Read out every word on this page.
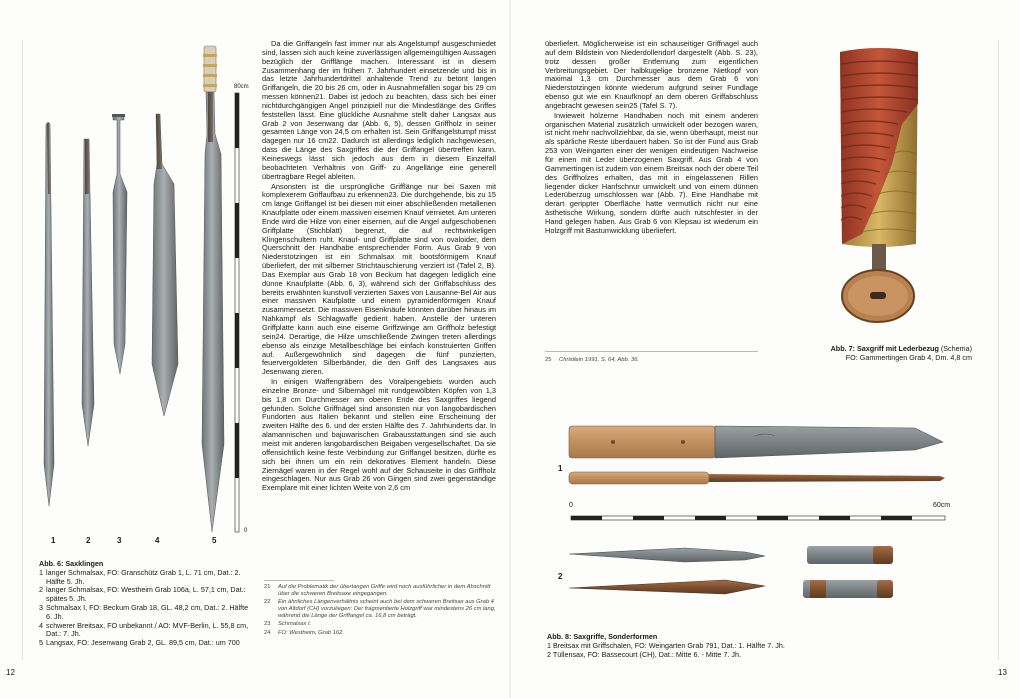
80cm
0
1	2	3	4	5
Abb. 6: Saxklingen
1 langer Schmalsax, FO: Granschütz Grab 1, L. 71 cm, Dat.: 2. Hälfte 5. Jh.
2 langer Schmalsax, FO: Westheim Grab 106a, L. 57,1 cm, Dat.: spätes 5. Jh.
3 Schmalsax I, FO: Beckum Grab 18, GL. 48,2 cm, Dat.: 2. Hälfte 6. Jh.
4 schwerer Breitsax, FO unbekannt / AO: MVF-Berlin, L. 55,8 cm, Dat.: 7. Jh.
5 Langsax, FO: Jesenwang Grab 2, GL. 89,5 cm, Dat.: um 700

Da die Griffangeln fast immer nur als Angelstumpf ausgeschmiedet sind, lassen sich auch keine zuverlässigen allgemeingültigen Aussagen bezüglich der Grifflänge machen. Interessant ist in diesem Zusammenhang der im frühen 7. Jahrhundert einsetzende und bis in das letzte Jahrhundertdrittel anhaltende Trend zu betont langen Griffangeln, die 20 bis 26 cm, oder in Ausnahmefällen sogar bis 29 cm messen können21. Dabei ist jedoch zu beachten, dass sich bei einer nichtdurchgängigen Angel prinzipiell nur die Mindestlänge des Griffes feststellen lässt. Eine glückliche Ausnahme stellt daher Langsax aus Grab 2 von Jesenwang dar (Abb. 6, 5), dessen Griffholz in seiner gesamten Länge von 24,5 cm erhalten ist. Sein Griffangelstumpf misst dagegen nur 16 cm22. Dadurch ist allerdings lediglich nachgewiesen, dass die Länge des Saxgriffes die der Griffangel übertreffen kann. Keineswegs lässt sich jedoch aus dem in diesem Einzelfall beobachteten Verhältnis von Griff- zu Angellänge eine generell übertragbare Regel ableiten.

Ansonsten ist die ursprüngliche Grifflänge nur bei Saxen mit komplexerem Griffaufbau zu erkennen23. Die durchgehende, bis zu 15 cm lange Griffangel ist bei diesen mit einer abschließenden metallenen Knaufplatte oder einem massiven eisernen Knauf vernietet. Am unteren Ende wird die Hilze von einer eisernen, auf die Angel aufgeschobenen Griffplatte (Stichblatt) begrenzt, die auf rechtwinkeligen Klingenschultern ruht. Knauf- und Griffplatte sind von ovaloider, dem Querschnitt der Handhabe entsprechender Form. Aus Grab 9 von Niederstotzingen ist ein Schmalsax mit bootsförmigem Knauf überliefert, der mit silberner Strichtauschierung verziert ist (Tafel 2, B). Das Exemplar aus Grab 18 von Beckum hat dagegen lediglich eine dünne Knaufplatte (Abb. 6, 3), während sich der Griffabschluss des bereits erwähnten kunstvoll verzierten Saxes von Lausanne-Bel Air aus einer massiven Kaufplatte und einem pyramidenförmigen Knauf zusammensetzt. Die massiven Eisenknäufe könnten darüber hinaus im Nahkampf als Schlagwaffe gedient haben. Anstelle der unteren Griffplatte kann auch eine eiserne Griffzwinge am Griffholz befestigt sein24. Derartige, die Hilze umschließende Zwingen treten allerdings ebenso als einzige Metallbeschläge bei einfach konstruierten Griffen auf. Außergewöhnlich sind dagegen die fünf punzierten, feuervergoldeten Silberbänder, die den Griff des Langsaxes aus Jesenwang zieren.

In einigen Waffengräbern des Voralpengebiets wurden auch einzelne Bronze- und Silbernägel mit rundgewölbten Köpfen von 1,3 bis 1,8 cm Durchmesser am oberen Ende des Saxgriffes liegend gefunden. Solche Griffnägel sind ansonsten nur von langobardischen Fundorten aus Italien bekannt und stellen eine Erscheinung der zweiten Hälfte des 6. und der ersten Hälfte des 7. Jahrhunderts dar. In alamannischen und bajuwarischen Grabausstattungen sind sie auch meist mit anderen langobardischen Beigaben vergesellschaftet. Da sie offensichtlich keine feste Verbindung zur Griffangel besitzen, dürfte es sich bei ihnen um ein rein dekoratives Element handeln. Diese Ziernägel waren in der Regel wohl auf der Schauseite in das Griffholz eingeschlagen. Nur aus Grab 26 von Gingen sind zwei gegenständige Exemplare mit einer lichten Weite von 2,6 cm

21	Auf die Problematik der übertangen Griffe wird noch ausführlicher in dem Abschnitt über die schweren Breitsaxe eingegangen.
22	Ein ähnliches Längenverhältnis scheint auch bei dem schweren Breitsax aus Grab 4 von Altdorf (CH) vorzuliegen: Der fragmentierte Holzgriff war mindestens 26 cm lang, während die Länge der Griffangel ca. 16,8 cm beträgt.
23	Schmalsax I.
24	FO: Westheim, Grab 162.

überliefert. Möglicherweise ist ein schauseitiger Griffnagel auch auf dem Bildstein von Niederdollendorf dargestellt (Abb. S. 23), trotz dessen großer Entfernung zum eigentlichen Verbreitungsgebiet. Der halbkugelige bronzene Nietkopf von maximal 1,3 cm Durchmesser aus dem Grab 6 von Niederstotzingen könnte wiederum aufgrund seiner Fundlage ebenso gut wie ein Knaufknopf an dem oberen Griffabschluss angebracht gewesen sein25 (Tafel S. 7).

Inwieweit hölzerne Handhaben noch mit einem anderen organischen Material zusätzlich umwickelt oder bezogen waren, ist nicht mehr nachvollziehbar, da sie, wenn überhaupt, meist nur als spärliche Reste überdauert haben. So ist der Fund aus Grab 253 von Weingarten einer der wenigen eindeutigen Nachweise für einen mit Leder überzogenen Saxgriff. Aus Grab 4 von Gammertingen ist zudem von einem Breitsax noch der obere Teil des Griffholzes erhalten, das mit in eingelassenen Rillen liegender dicker Hanfschnur umwickelt und von einem dünnen Lederüberzug umschlossen war (Abb. 7). Eine Handhabe mit derart gerippter Oberfläche hatte vermutlich nicht nur eine ästhetische Wirkung, sondern dürfte auch rutschfester in der Hand gelegen haben. Aus Grab 6 von Klepsau ist wiederum ein Holzgriff mit Bastumwicklung überliefert.

25	Christlein 1991, S. 64, Abb. 36.
Abb. 7: Saxgriff mit Lederbezug (Schema)
FO: Gammertingen Grab 4, Dm. 4,8 cm
1
2
0	60cm
Abb. 8: Saxgriffe, Sonderformen
1 Breitsax mit Griffschalen, FO: Weingarten Grab 791, Dat.: 1. Hälfte 7. Jh.
2 Tüllensax, FO: Bassecourt (CH), Dat.: Mitte 6. - Mitte 7. Jh.
12	13
